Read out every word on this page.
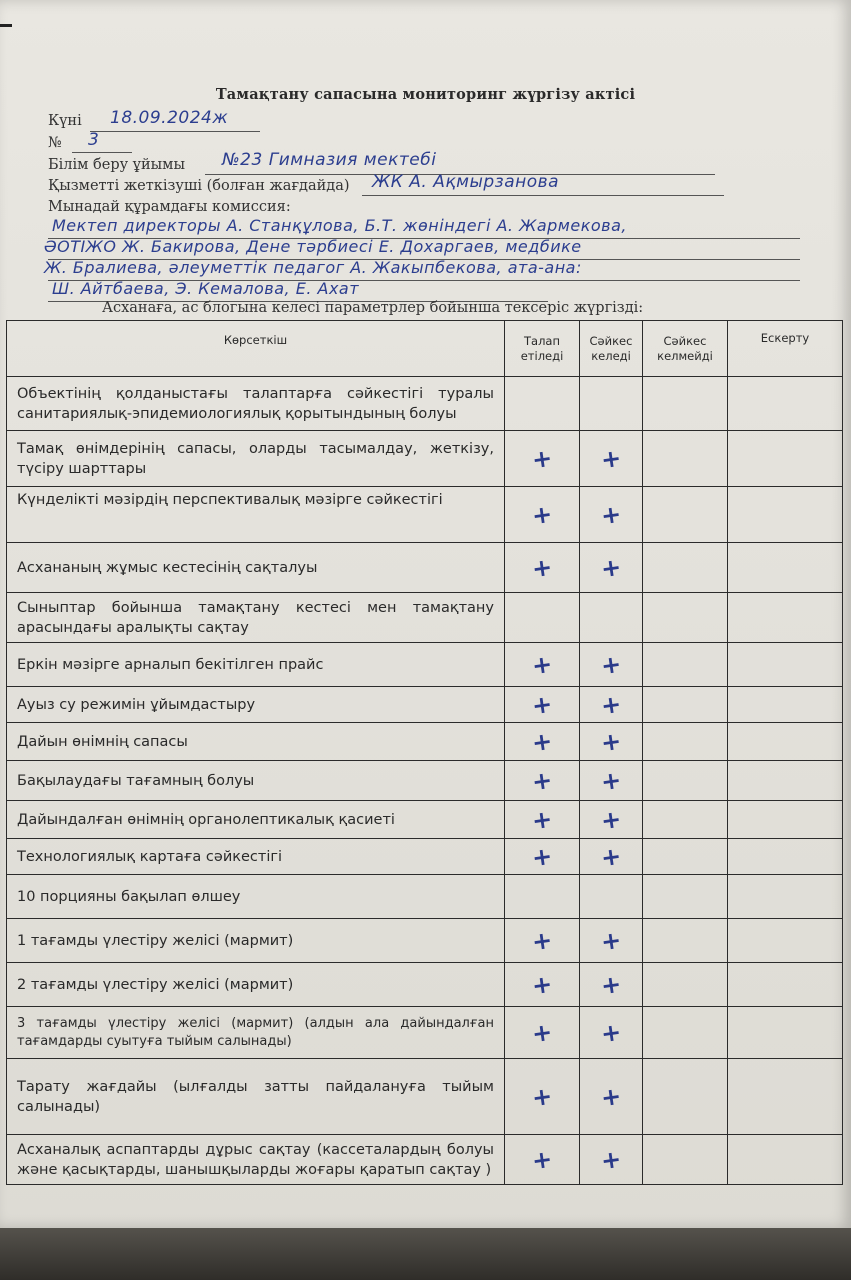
Тамақтану сапасына мониторинг жүргізу актісі
Күні 18.09.2024ж
№ 3
Білім беру ұйымы №23 Гимназия мектебі
Қызметті жеткізуші (болған жағдайда) ЖК А. Ақмырзанова
Мынадай құрамдағы комиссия:
Мектеп директоры А. Станқұлова, Б.Т. жөніндегі А. Жармекова,
ӘОТІЖО Ж. Бакирова, Дене тәрбиесі Е. Дохаргаев, медбике
Ж. Бралиева, әлеуметтік педагог А. Жакыпбекова, ата-ана:
Ш. Айтбаева, Э. Кемалова, Е. Ахат
Асханаға, ас блогына келесі параметрлер бойынша тексеріс жүргізді:
Көрсеткіш	Талап етіледі	Сәйкес келеді	Сәйкес келмейді	Ескерту
Объектінің қолданыстағы талаптарға сәйкестігі туралы санитариялық-эпидемиологиялық қорытындының болуы				
Тамақ өнімдерінің сапасы, оларды тасымалдау, жеткізу, түсіру шарттары	+	+		
Күнделікті мәзірдің перспективалық мәзірге сәйкестігі	+	+		
Асхананың жұмыс кестесінің сақталуы	+	+		
Сыныптар бойынша тамақтану кестесі мен тамақтану арасындағы аралықты сақтау				
Еркін мәзірге арналып бекітілген прайс	+	+		
Ауыз су режимін ұйымдастыру	+	+		
Дайын өнімнің сапасы	+	+		
Бақылаудағы тағамның болуы	+	+		
Дайындалған өнімнің органолептикалық қасиеті	+	+		
Технологиялық картаға сәйкестігі	+	+		
10 порцияны бақылап өлшеу				
1 тағамды үлестіру желісі (мармит)	+	+		
2 тағамды үлестіру желісі (мармит)	+	+		
3 тағамды үлестіру желісі (мармит) (алдын ала дайындалған тағамдарды суытуға тыйым салынады)	+	+		
Тарату жағдайы (ылғалды затты пайдалануға тыйым салынады)	+	+		
Асханалық аспаптарды дұрыс сақтау (кассеталардың болуы және қасықтарды, шанышқыларды жоғары қаратып сақтау )	+	+		
